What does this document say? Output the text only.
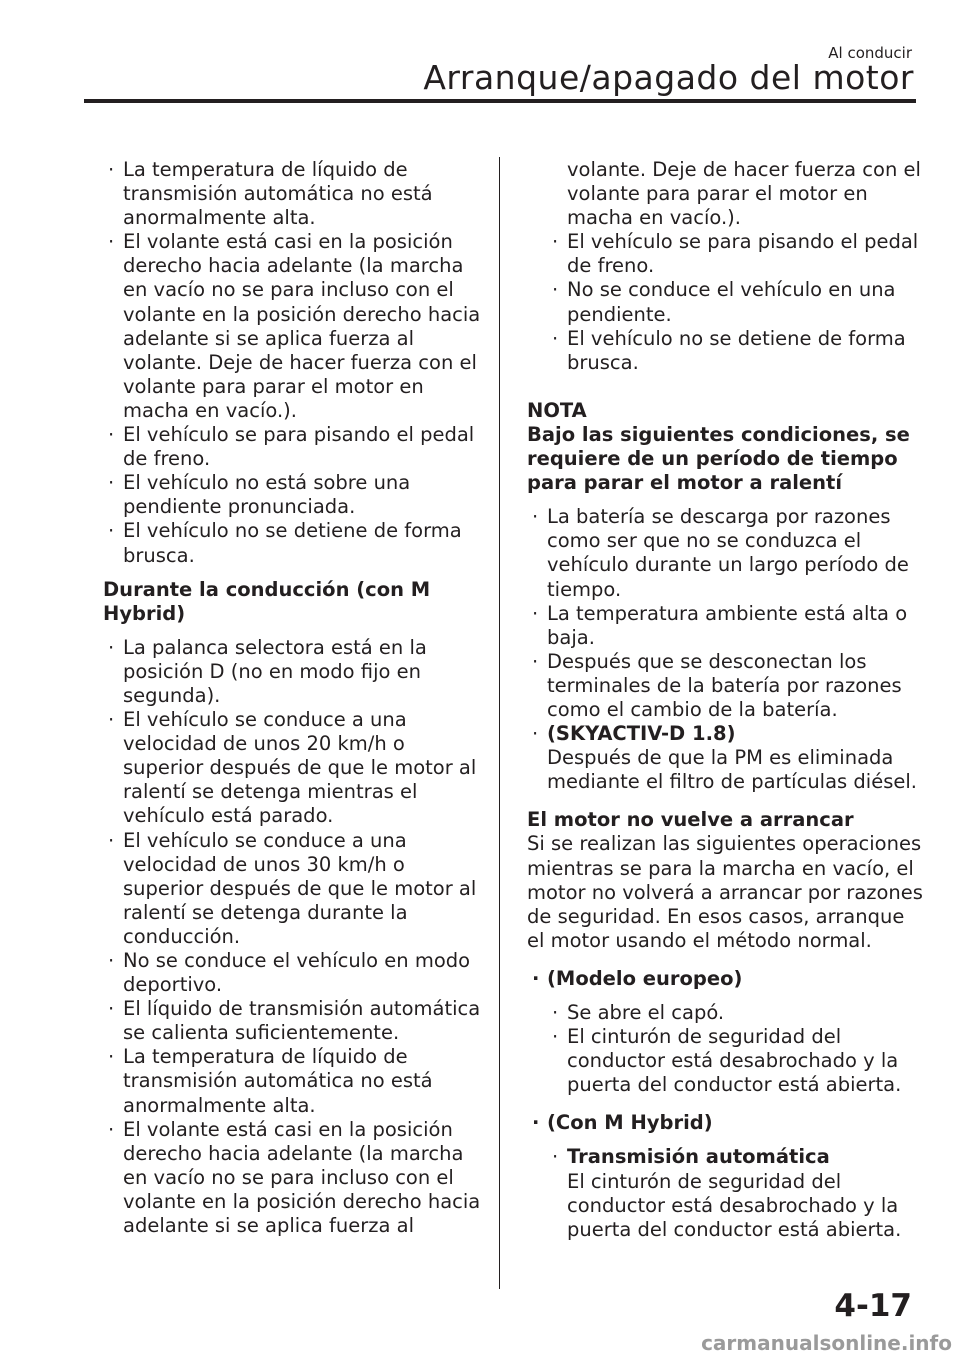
Al conducir
Arranque/apagado del motor
· La temperatura de líquido de transmisión automática no está anormalmente alta.
· El volante está casi en la posición derecho hacia adelante (la marcha en vacío no se para incluso con el volante en la posición derecho hacia adelante si se aplica fuerza al volante. Deje de hacer fuerza con el volante para parar el motor en macha en vacío.).
· El vehículo se para pisando el pedal de freno.
· El vehículo no está sobre una pendiente pronunciada.
· El vehículo no se detiene de forma brusca.
Durante la conducción (con M Hybrid)
· La palanca selectora está en la posición D (no en modo fijo en segunda).
· El vehículo se conduce a una velocidad de unos 20 km/h o superior después de que le motor al ralentí se detenga mientras el vehículo está parado.
· El vehículo se conduce a una velocidad de unos 30 km/h o superior después de que le motor al ralentí se detenga durante la conducción.
· No se conduce el vehículo en modo deportivo.
· El líquido de transmisión automática se calienta suficientemente.
· La temperatura de líquido de transmisión automática no está anormalmente alta.
· El volante está casi en la posición derecho hacia adelante (la marcha en vacío no se para incluso con el volante en la posición derecho hacia adelante si se aplica fuerza al
volante. Deje de hacer fuerza con el volante para parar el motor en macha en vacío.).
· El vehículo se para pisando el pedal de freno.
· No se conduce el vehículo en una pendiente.
· El vehículo no se detiene de forma brusca.
NOTA
Bajo las siguientes condiciones, se requiere de un período de tiempo para parar el motor a ralentí
· La batería se descarga por razones como ser que no se conduzca el vehículo durante un largo período de tiempo.
· La temperatura ambiente está alta o baja.
· Después que se desconectan los terminales de la batería por razones como el cambio de la batería.
· (SKYACTIV-D 1.8)
Después de que la PM es eliminada mediante el filtro de partículas diésel.
El motor no vuelve a arrancar
Si se realizan las siguientes operaciones mientras se para la marcha en vacío, el motor no volverá a arrancar por razones de seguridad. En esos casos, arranque el motor usando el método normal.
· (Modelo europeo)
· Se abre el capó.
· El cinturón de seguridad del conductor está desabrochado y la puerta del conductor está abierta.
· (Con M Hybrid)
· Transmisión automática
El cinturón de seguridad del conductor está desabrochado y la puerta del conductor está abierta.
4-17
carmanualsonline.info
